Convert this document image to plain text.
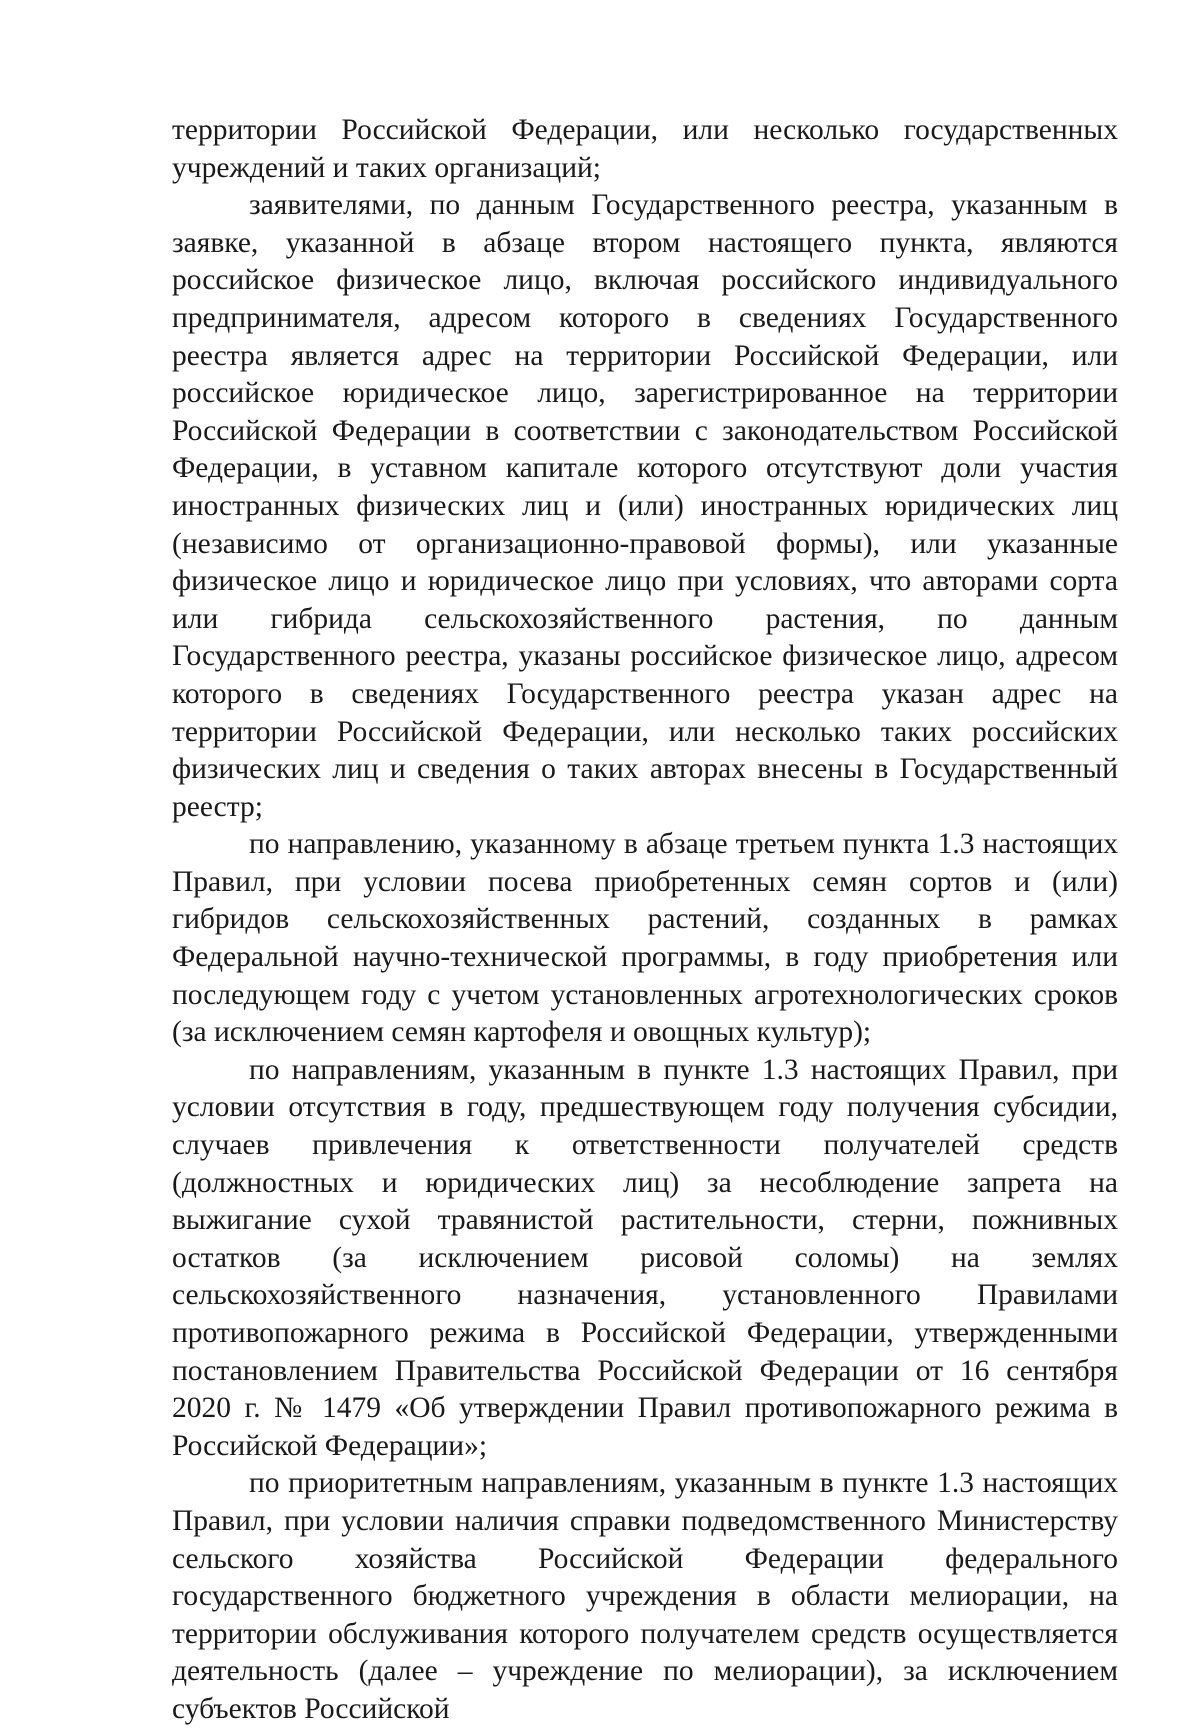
территории Российской Федерации, или несколько государственных учреждений и таких организаций;

заявителями, по данным Государственного реестра, указанным в заявке, указанной в абзаце втором настоящего пункта, являются российское физическое лицо, включая российского индивидуального предпринимателя, адресом которого в сведениях Государственного реестра является адрес на территории Российской Федерации, или российское юридическое лицо, зарегистрированное на территории Российской Федерации в соответствии с законодательством Российской Федерации, в уставном капитале которого отсутствуют доли участия иностранных физических лиц и (или) иностранных юридических лиц (независимо от организационно-правовой формы), или указанные физическое лицо и юридическое лицо при условиях, что авторами сорта или гибрида сельскохозяйственного растения, по данным Государственного реестра, указаны российское физическое лицо, адресом которого в сведениях Государственного реестра указан адрес на территории Российской Федерации, или несколько таких российских физических лиц и сведения о таких авторах внесены в Государственный реестр;

по направлению, указанному в абзаце третьем пункта 1.3 настоящих Правил, при условии посева приобретенных семян сортов и (или) гибридов сельскохозяйственных растений, созданных в рамках Федеральной научно-технической программы, в году приобретения или последующем году с учетом установленных агротехнологических сроков (за исключением семян картофеля и овощных культур);

по направлениям, указанным в пункте 1.3 настоящих Правил, при условии отсутствия в году, предшествующем году получения субсидии, случаев привлечения к ответственности получателей средств (должностных и юридических лиц) за несоблюдение запрета на выжигание сухой травянистой растительности, стерни, пожнивных остатков (за исключением рисовой соломы) на землях сельскохозяйственного назначения, установленного Правилами противопожарного режима в Российской Федерации, утвержденными постановлением Правительства Российской Федерации от 16 сентября 2020 г. № 1479 «Об утверждении Правил противопожарного режима в Российской Федерации»;

по приоритетным направлениям, указанным в пункте 1.3 настоящих Правил, при условии наличия справки подведомственного Министерству сельского хозяйства Российской Федерации федерального государственного бюджетного учреждения в области мелиорации, на территории обслуживания которого получателем средств осуществляется деятельность (далее – учреждение по мелиорации), за исключением субъектов Российской
